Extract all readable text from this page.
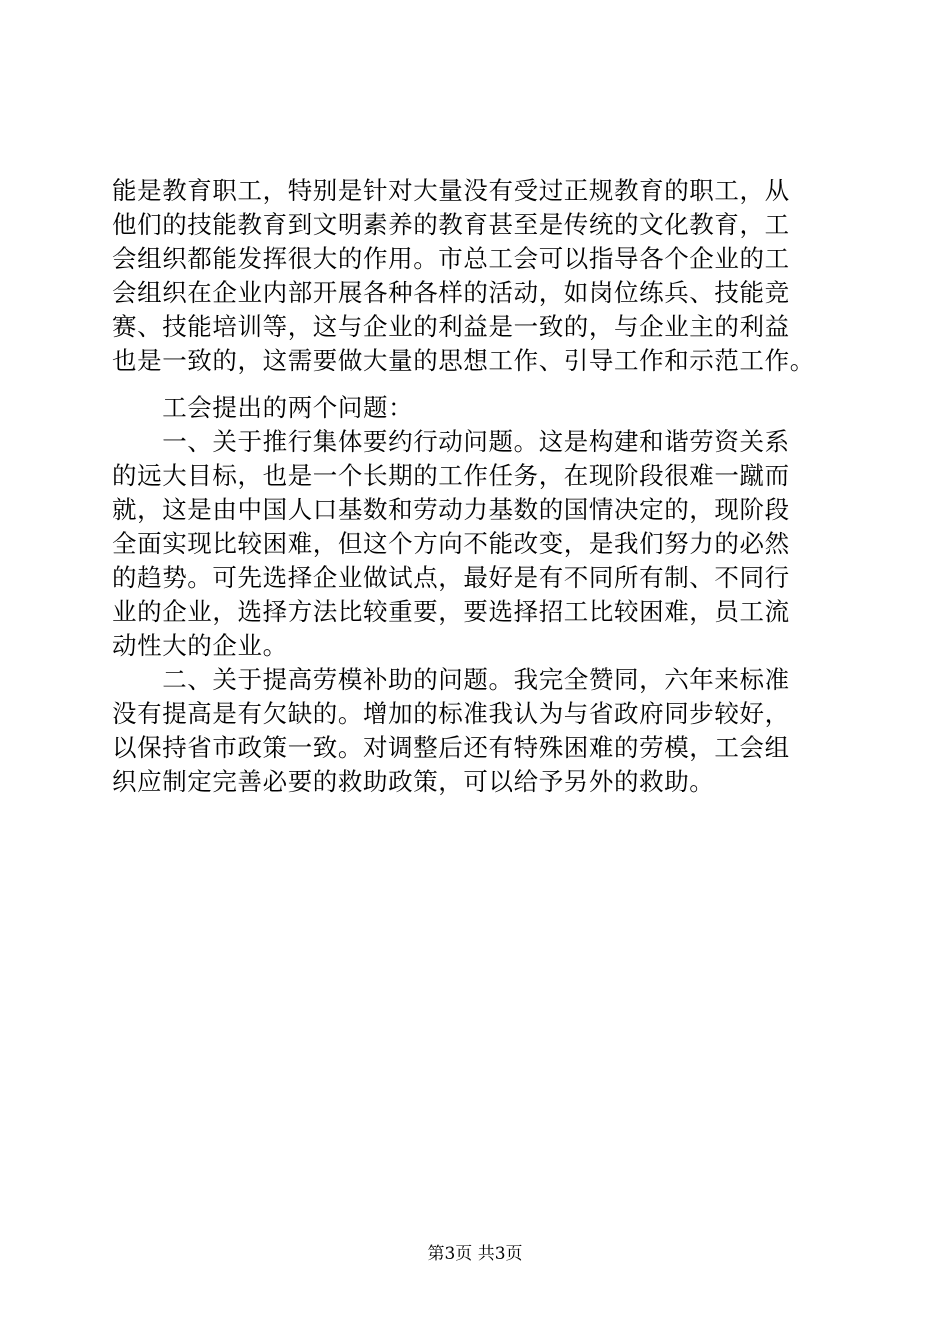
能是教育职工，特别是针对大量没有受过正规教育的职工，从
他们的技能教育到文明素养的教育甚至是传统的文化教育，工
会组织都能发挥很大的作用。市总工会可以指导各个企业的工
会组织在企业内部开展各种各样的活动，如岗位练兵、技能竞
赛、技能培训等，这与企业的利益是一致的，与企业主的利益
也是一致的，这需要做大量的思想工作、引导工作和示范工作。
　　工会提出的两个问题：
　　一、关于推行集体要约行动问题。这是构建和谐劳资关系
的远大目标，也是一个长期的工作任务，在现阶段很难一蹴而
就，这是由中国人口基数和劳动力基数的国情决定的，现阶段
全面实现比较困难，但这个方向不能改变，是我们努力的必然
的趋势。可先选择企业做试点，最好是有不同所有制、不同行
业的企业，选择方法比较重要，要选择招工比较困难，员工流
动性大的企业。
　　二、关于提高劳模补助的问题。我完全赞同，六年来标准
没有提高是有欠缺的。增加的标准我认为与省政府同步较好，
以保持省市政策一致。对调整后还有特殊困难的劳模，工会组
织应制定完善必要的救助政策，可以给予另外的救助。
第3页 共3页
